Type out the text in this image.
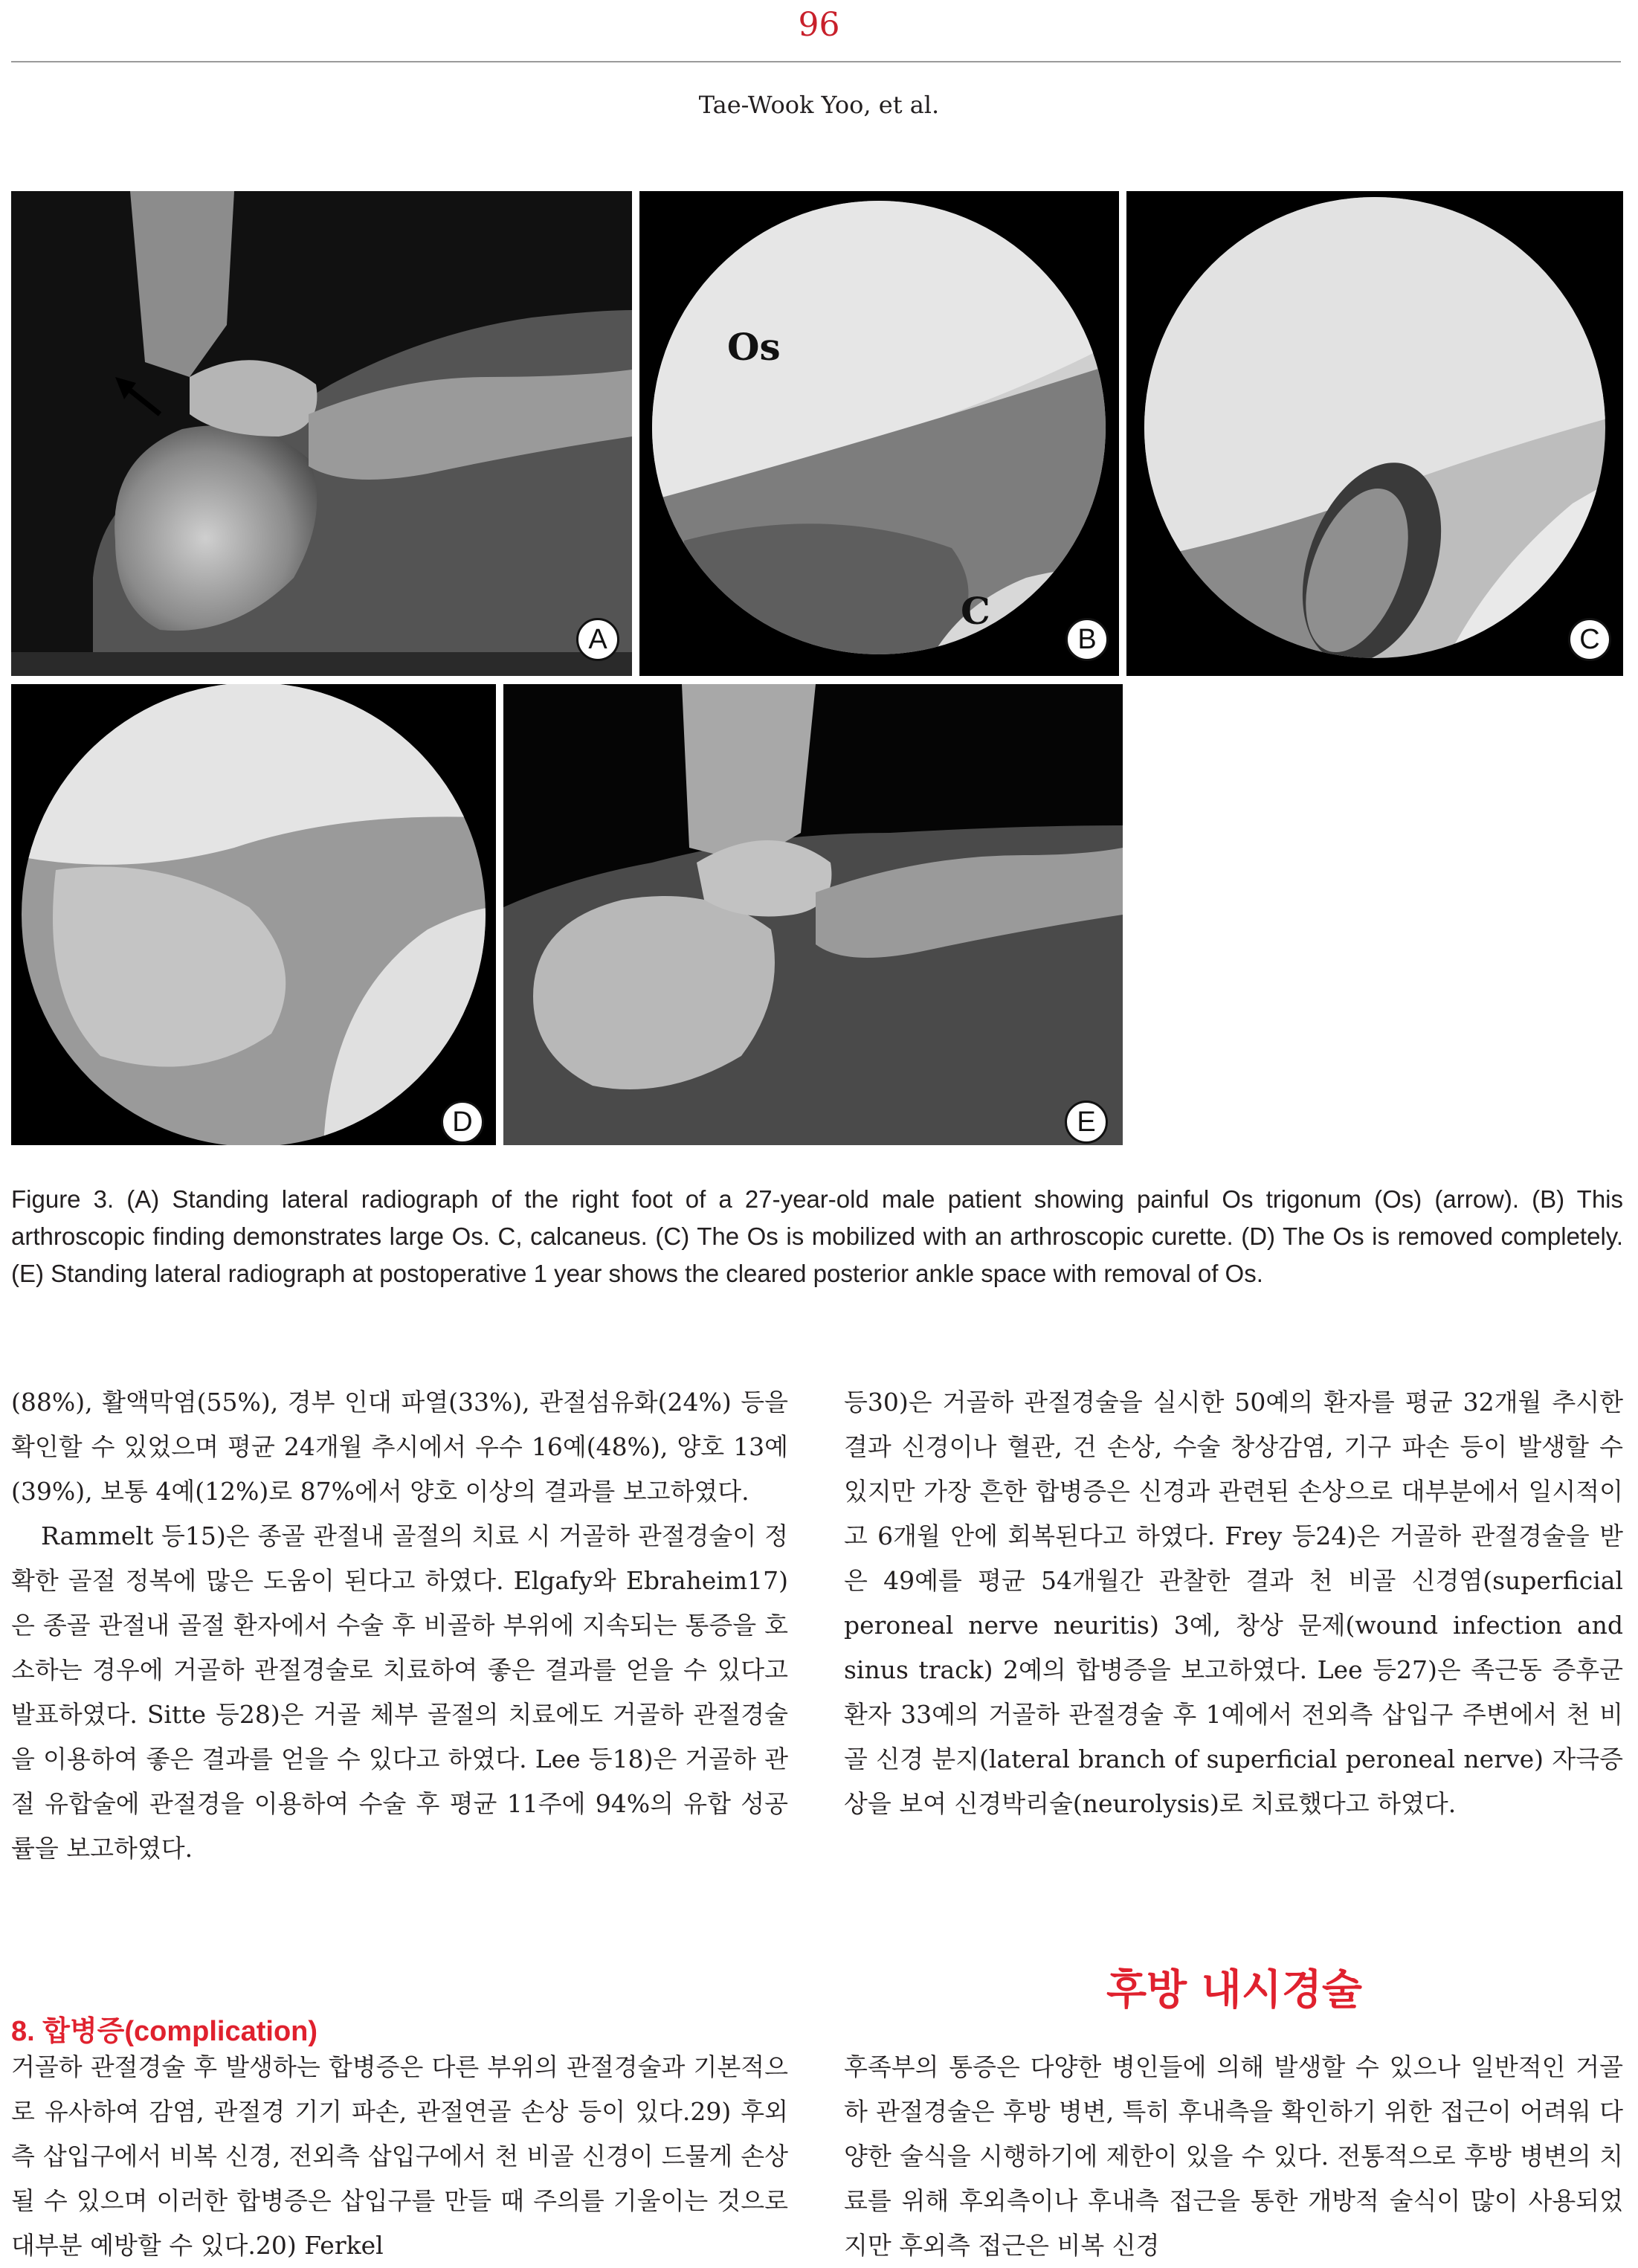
96
Tae-Wook Yoo, et al.
A
Os
C
B	C
D	E
Figure 3. (A) Standing lateral radiograph of the right foot of a 27-year-old male patient showing painful Os trigonum (Os) (arrow). (B) This arthroscopic finding demonstrates large Os. C, calcaneus. (C) The Os is mobilized with an arthroscopic curette. (D) The Os is removed completely. (E) Standing lateral radiograph at postoperative 1 year shows the cleared posterior ankle space with removal of Os.

(88%), 활액막염(55%), 경부 인대 파열(33%), 관절섬유화(24%) 등을 확인할 수 있었으며 평균 24개월 추시에서 우수 16예(48%), 양호 13예(39%), 보통 4예(12%)로 87%에서 양호 이상의 결과를 보고하였다.

Rammelt 등15)은 종골 관절내 골절의 치료 시 거골하 관절경술이 정확한 골절 정복에 많은 도움이 된다고 하였다. Elgafy와 Ebraheim17)은 종골 관절내 골절 환자에서 수술 후 비골하 부위에 지속되는 통증을 호소하는 경우에 거골하 관절경술로 치료하여 좋은 결과를 얻을 수 있다고 발표하였다. Sitte 등28)은 거골 체부 골절의 치료에도 거골하 관절경술을 이용하여 좋은 결과를 얻을 수 있다고 하였다. Lee 등18)은 거골하 관절 유합술에 관절경을 이용하여 수술 후 평균 11주에 94%의 유합 성공률을 보고하였다.

8. 합병증(complication)

거골하 관절경술 후 발생하는 합병증은 다른 부위의 관절경술과 기본적으로 유사하여 감염, 관절경 기기 파손, 관절연골 손상 등이 있다.29) 후외측 삽입구에서 비복 신경, 전외측 삽입구에서 천 비골 신경이 드물게 손상될 수 있으며 이러한 합병증은 삽입구를 만들 때 주의를 기울이는 것으로 대부분 예방할 수 있다.20) Ferkel

등30)은 거골하 관절경술을 실시한 50예의 환자를 평균 32개월 추시한 결과 신경이나 혈관, 건 손상, 수술 창상감염, 기구 파손 등이 발생할 수 있지만 가장 흔한 합병증은 신경과 관련된 손상으로 대부분에서 일시적이고 6개월 안에 회복된다고 하였다. Frey 등24)은 거골하 관절경술을 받은 49예를 평균 54개월간 관찰한 결과 천 비골 신경염(superficial peroneal nerve neuritis) 3예, 창상 문제(wound infection and sinus track) 2예의 합병증을 보고하였다. Lee 등27)은 족근동 증후군 환자 33예의 거골하 관절경술 후 1예에서 전외측 삽입구 주변에서 천 비골 신경 분지(lateral branch of superficial peroneal nerve) 자극증상을 보여 신경박리술(neurolysis)로 치료했다고 하였다.

후방 내시경술

후족부의 통증은 다양한 병인들에 의해 발생할 수 있으나 일반적인 거골하 관절경술은 후방 병변, 특히 후내측을 확인하기 위한 접근이 어려워 다양한 술식을 시행하기에 제한이 있을 수 있다. 전통적으로 후방 병변의 치료를 위해 후외측이나 후내측 접근을 통한 개방적 술식이 많이 사용되었지만 후외측 접근은 비복 신경
